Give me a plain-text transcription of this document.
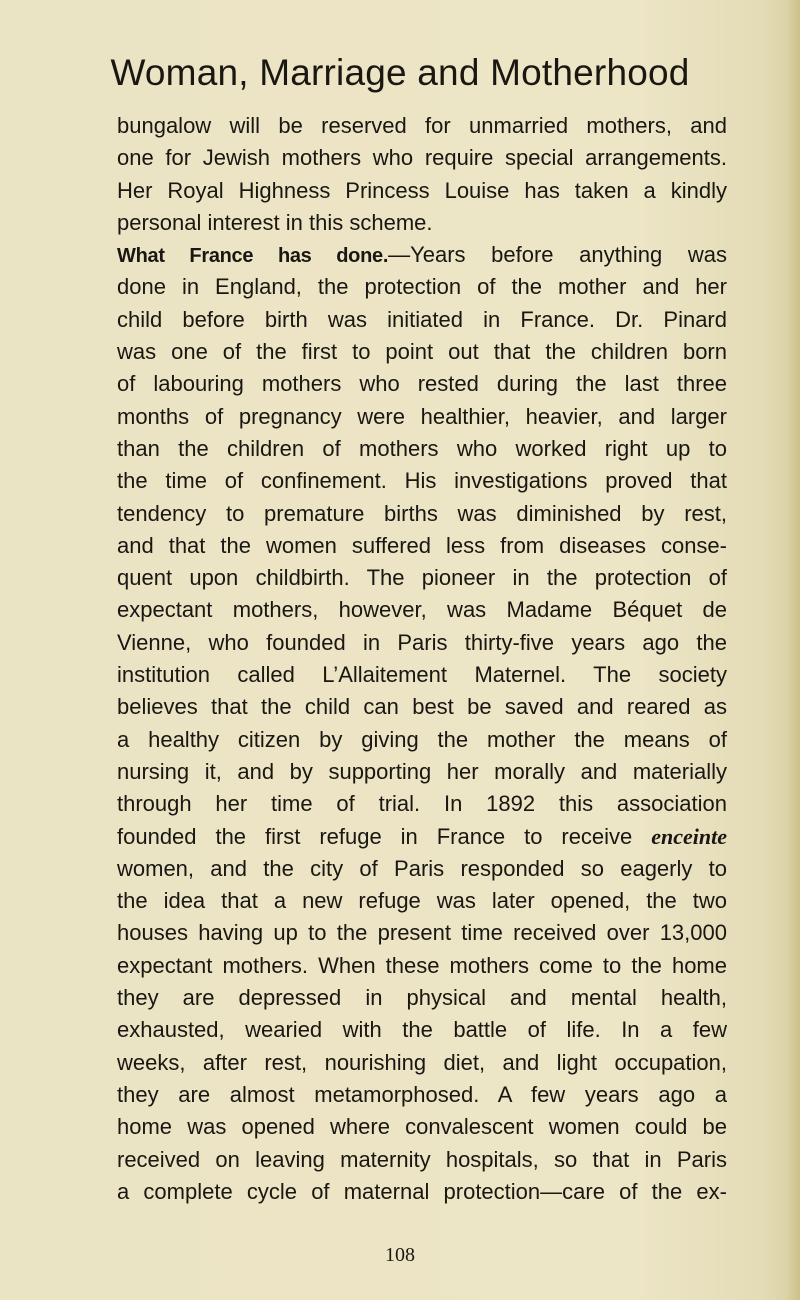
Woman, Marriage and Motherhood
bungalow will be reserved for unmarried mothers, and
one for Jewish mothers who require special arrangements.
Her Royal Highness Princess Louise has taken a kindly
personal interest in this scheme.
What France has done.—Years before anything was
done in England, the protection of the mother and her
child before birth was initiated in France. Dr. Pinard
was one of the first to point out that the children born
of labouring mothers who rested during the last three
months of pregnancy were healthier, heavier, and larger
than the children of mothers who worked right up to
the time of confinement. His investigations proved that
tendency to premature births was diminished by rest,
and that the women suffered less from diseases conse-
quent upon childbirth. The pioneer in the protection of
expectant mothers, however, was Madame Béquet de
Vienne, who founded in Paris thirty-five years ago the
institution called L’Allaitement Maternel. The society
believes that the child can best be saved and reared as
a healthy citizen by giving the mother the means of
nursing it, and by supporting her morally and materially
through her time of trial. In 1892 this association
founded the first refuge in France to receive enceinte
women, and the city of Paris responded so eagerly to
the idea that a new refuge was later opened, the two
houses having up to the present time received over 13,000
expectant mothers. When these mothers come to the home
they are depressed in physical and mental health,
exhausted, wearied with the battle of life. In a few
weeks, after rest, nourishing diet, and light occupation,
they are almost metamorphosed. A few years ago a
home was opened where convalescent women could be
received on leaving maternity hospitals, so that in Paris
a complete cycle of maternal protection—care of the ex-
108
